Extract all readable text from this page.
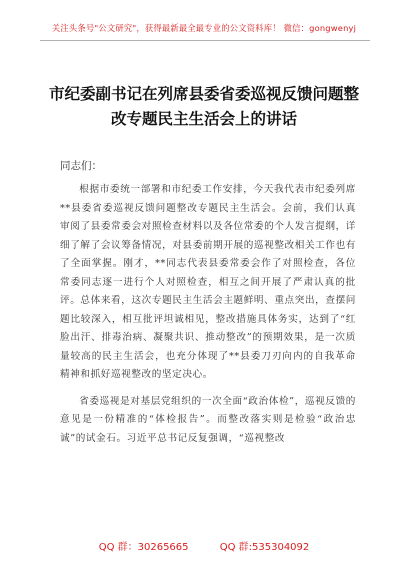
关注头条号"公文研究"，获得最新最全最专业的公文资料库！ 微信：gongwenyj
市纪委副书记在列席县委省委巡视反馈问题整改专题民主生活会上的讲话
同志们：

根据市委统一部署和市纪委工作安排，今天我代表市纪委列席**县委省委巡视反馈问题整改专题民主生活会。会前，我们认真审阅了县委常委会对照检查材料以及各位常委的个人发言提纲，详细了解了会议筹备情况，对县委前期开展的巡视整改相关工作也有了全面掌握。刚才，**同志代表县委常委会作了对照检查，各位常委同志逐一进行个人对照检查，相互之间开展了严肃认真的批评。总体来看，这次专题民主生活会主题鲜明、重点突出，查摆问题比较深入，相互批评坦诚相见，整改措施具体务实，达到了“红脸出汗、排毒治病、凝聚共识、推动整改”的预期效果，是一次质量较高的民主生活会，也充分体现了**县委刀刃向内的自我革命精神和抓好巡视整改的坚定决心。

省委巡视是对基层党组织的一次全面“政治体检”，巡视反馈的意见是一份精准的“体检报告”。而整改落实则是检验“政治忠诚”的试金石。习近平总书记反复强调，“巡视整改

QQ 群：30265665	QQ 群:535304092
